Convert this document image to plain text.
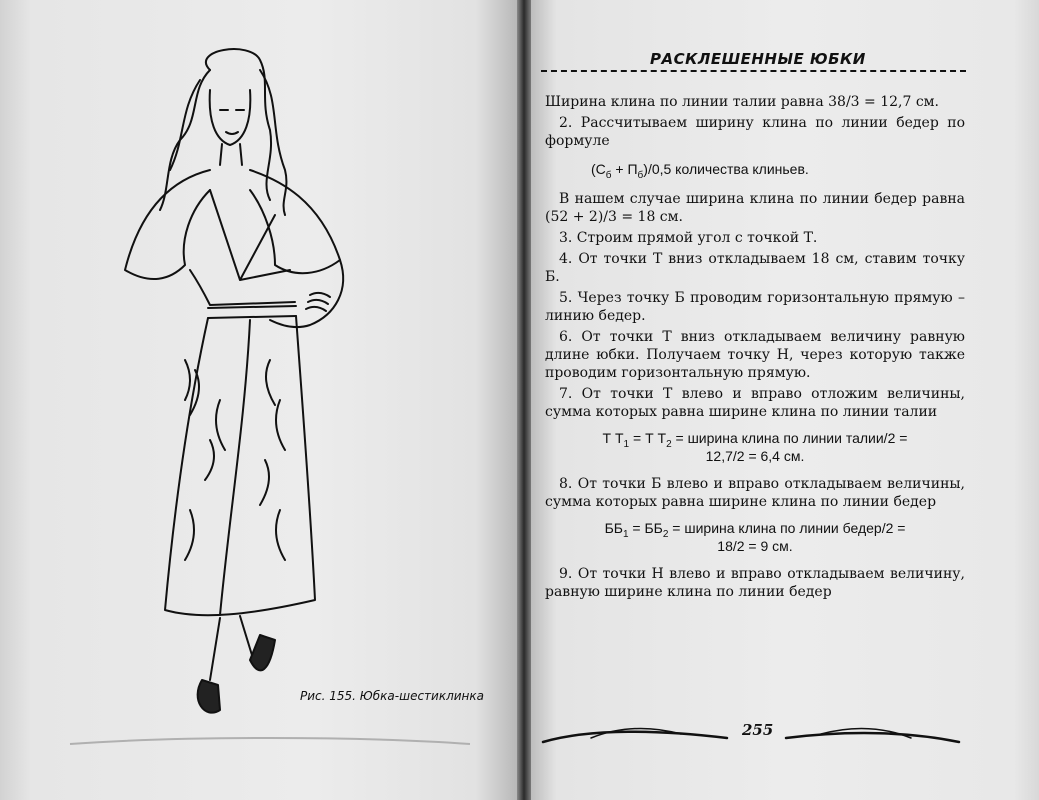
Рис. 155. Юбка-шестиклинка
РАСКЛЕШЕННЫЕ ЮБКИ

Ширина клина по линии талии равна 38/3 = 12,7 см.

2. Рассчитываем ширину клина по линии бедер по формуле

$(С_б + П_б)/0,5$ количества клиньев.

В нашем случае ширина клина по линии бедер равна (52 + 2)/3 = 18 см.

3. Строим прямой угол с точкой Т.

4. От точки Т вниз откладываем 18 см, ставим точку Б.

5. Через точку Б проводим горизонтальную прямую – линию бедер.

6. От точки Т вниз откладываем величину равную длине юбки. Получаем точку Н, через которую также проводим горизонтальную прямую.

7. От точки Т влево и вправо отложим величины, сумма которых равна ширине клина по линии талии

Т $Т_1 = Т$ $Т_2$ = ширина клина по линии талии/2 =
12,7/2 = 6,4 см.

8. От точки Б влево и вправо откладываем величины, сумма которых равна ширине клина по линии бедер

$ББ_1 = ББ_2$ = ширина клина по линии бедер/2 =
18/2 = 9 см.

9. От точки Н влево и вправо откладываем величину, равную ширине клина по линии бедер

255
